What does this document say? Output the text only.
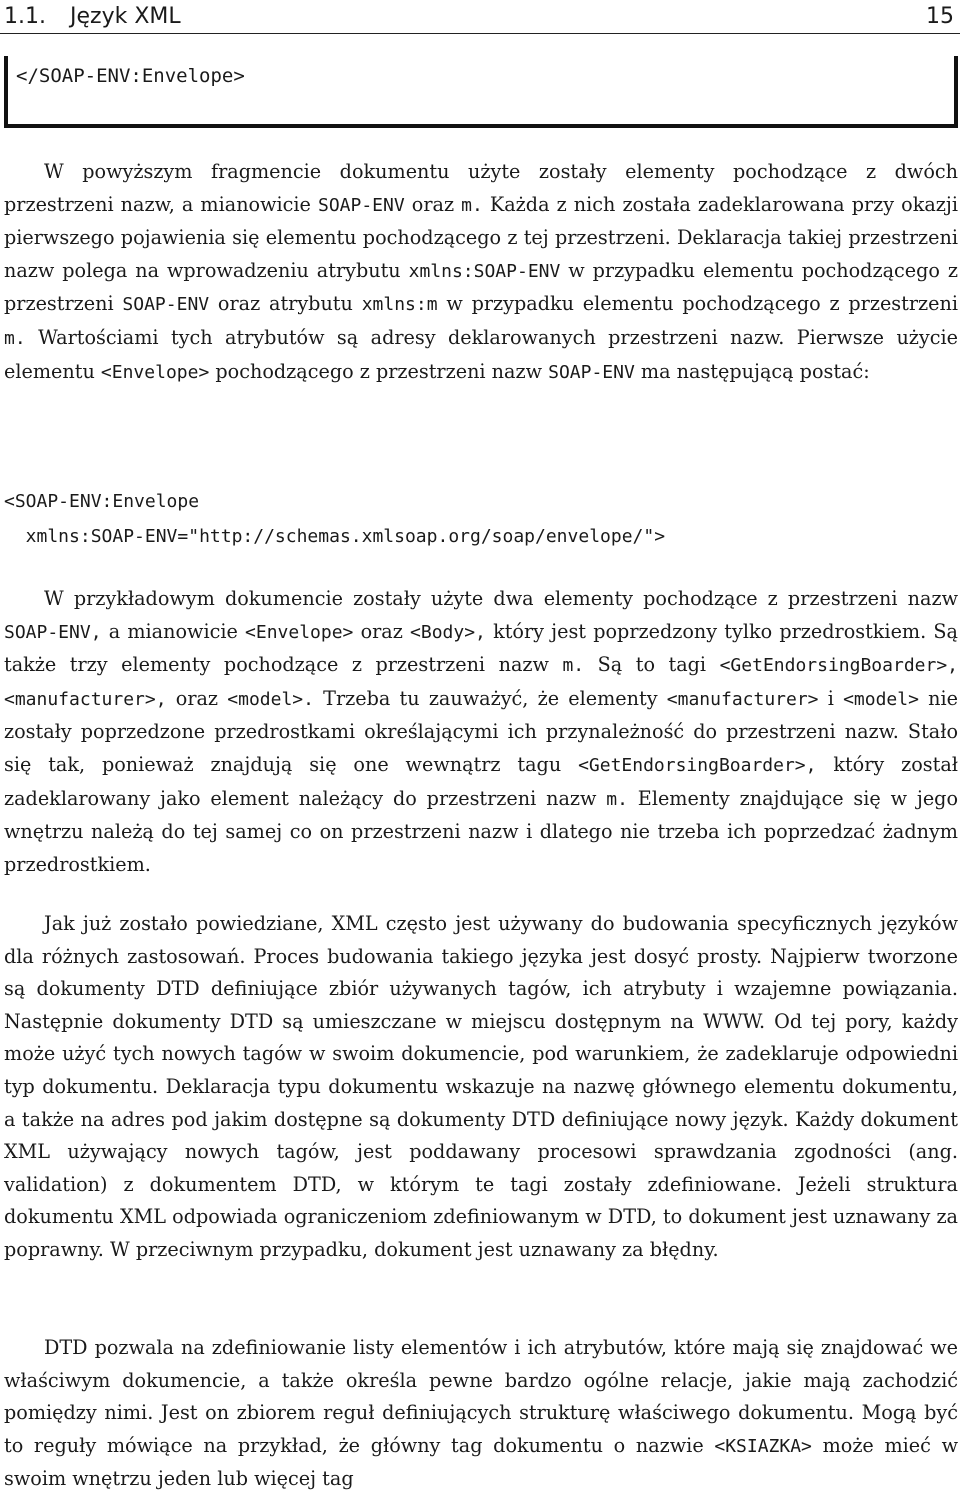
1.1. Język XML	15
</SOAP-ENV:Envelope>

W powyższym fragmencie dokumentu użyte zostały elementy pochodzące z dwóch przestrzeni nazw, a mianowicie SOAP-ENV oraz m. Każda z nich została zadeklarowana przy okazji pierwszego pojawienia się elementu pochodzącego z tej przestrzeni. Deklaracja takiej przestrzeni nazw polega na wprowadzeniu atrybutu xmlns:SOAP-ENV w przypadku elementu pochodzącego z przestrzeni SOAP-ENV oraz atrybutu xmlns:m w przypadku elementu pochodzącego z przestrzeni m. Wartościami tych atrybutów są adresy deklarowanych przestrzeni nazw. Pierwsze użycie elementu <Envelope> pochodzącego z przestrzeni nazw SOAP-ENV ma następującą postać:

<SOAP-ENV:Envelope
xmlns:SOAP-ENV="http://schemas.xmlsoap.org/soap/envelope/">

W przykładowym dokumencie zostały użyte dwa elementy pochodzące z przestrzeni nazw SOAP-ENV, a mianowicie <Envelope> oraz <Body>, który jest poprzedzony tylko przedrostkiem. Są także trzy elementy pochodzące z przestrzeni nazw m. Są to tagi <GetEndorsingBoarder>, <manufacturer>, oraz <model>. Trzeba tu zauważyć, że elementy <manufacturer> i <model> nie zostały poprzedzone przedrostkami określającymi ich przynależność do przestrzeni nazw. Stało się tak, ponieważ znajdują się one wewnątrz tagu <GetEndorsingBoarder>, który został zadeklarowany jako element należący do przestrzeni nazw m. Elementy znajdujące się w jego wnętrzu należą do tej samej co on przestrzeni nazw i dlatego nie trzeba ich poprzedzać żadnym przedrostkiem.

Jak już zostało powiedziane, XML często jest używany do budowania specyficznych języków dla różnych zastosowań. Proces budowania takiego języka jest dosyć prosty. Najpierw tworzone są dokumenty DTD definiujące zbiór używanych tagów, ich atrybuty i wzajemne powiązania. Następnie dokumenty DTD są umieszczane w miejscu dostępnym na WWW. Od tej pory, każdy może użyć tych nowych tagów w swoim dokumencie, pod warunkiem, że zadeklaruje odpowiedni typ dokumentu. Deklaracja typu dokumentu wskazuje na nazwę głównego elementu dokumentu, a także na adres pod jakim dostępne są dokumenty DTD definiujące nowy język. Każdy dokument XML używający nowych tagów, jest poddawany procesowi sprawdzania zgodności (ang. validation) z dokumentem DTD, w którym te tagi zostały zdefiniowane. Jeżeli struktura dokumentu XML odpowiada ograniczeniom zdefiniowanym w DTD, to dokument jest uznawany za poprawny. W przeciwnym przypadku, dokument jest uznawany za błędny.

DTD pozwala na zdefiniowanie listy elementów i ich atrybutów, które mają się znajdować we właściwym dokumencie, a także określa pewne bardzo ogólne relacje, jakie mają zachodzić pomiędzy nimi. Jest on zbiorem reguł definiujących strukturę właściwego dokumentu. Mogą być to reguły mówiące na przykład, że główny tag dokumentu o nazwie <KSIAZKA> może mieć w swoim wnętrzu jeden lub więcej tag
